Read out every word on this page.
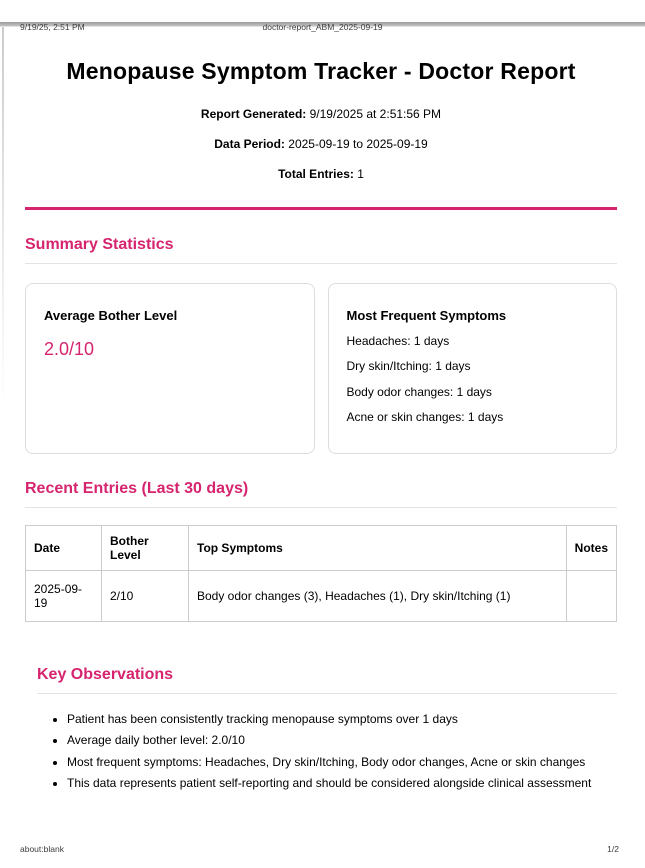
9/19/25, 2:51 PM	doctor-report_ABM_2025-09-19
Menopause Symptom Tracker - Doctor Report

Report Generated: 9/19/2025 at 2:51:56 PM

Data Period: 2025-09-19 to 2025-09-19

Total Entries: 1

Summary Statistics
Average Bother Level
2.0/10
Most Frequent Symptoms

Headaches: 1 days

Dry skin/Itching: 1 days

Body odor changes: 1 days

Acne or skin changes: 1 days

Recent Entries (Last 30 days)
Date	Bother Level	Top Symptoms	Notes
2025-09-19	2/10	Body odor changes (3), Headaches (1), Dry skin/Itching (1)	
Key Observations
• Patient has been consistently tracking menopause symptoms over 1 days
• Average daily bother level: 2.0/10
• Most frequent symptoms: Headaches, Dry skin/Itching, Body odor changes, Acne or skin changes
• This data represents patient self-reporting and should be considered alongside clinical assessment
about:blank	1/2
